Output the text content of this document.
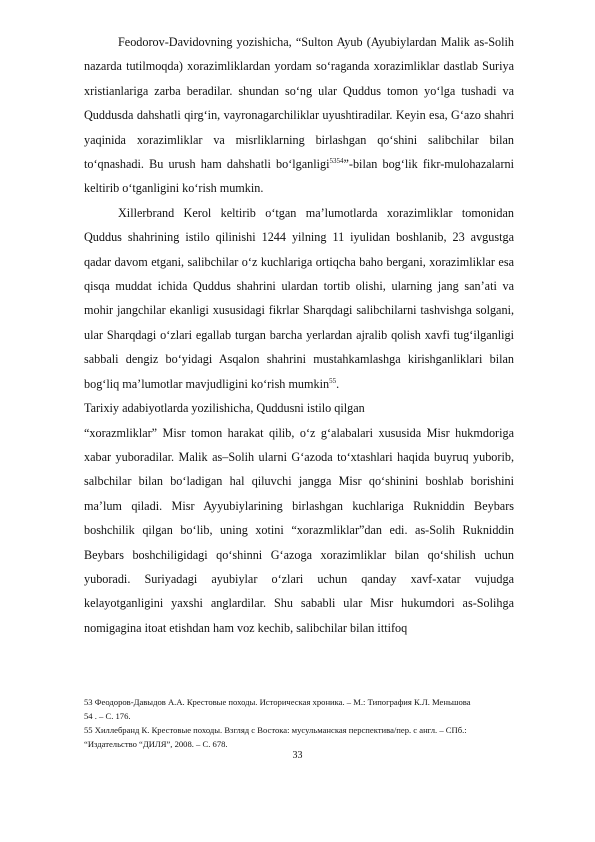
Feodorov-Davidovning yozishicha, “Sulton Ayub (Ayubiylardan Malik as-Solih nazarda tutilmoqda) xorazimliklardan yordam so‘raganda xorazimliklar dastlab Suriya xristianlariga zarba beradilar. shundan so‘ng ular Quddus tomon yo‘lga tushadi va Quddusda dahshatli qirg‘in, vayronagarchiliklar uyushtiradilar. Keyin esa, G‘azo shahri yaqinida xorazimliklar va misrliklarning birlashgan qo‘shini salibchilar bilan to‘qnashadi. Bu urush ham dahshatli bo‘lganligi$^{5354}$”-bilan bog‘lik fikr-mulohazalarni keltirib o‘tganligini ko‘rish mumkin.

Xillerbrand Kerol keltirib o‘tgan ma’lumotlarda xorazimliklar tomonidan Quddus shahrining istilo qilinishi 1244 yilning 11 iyulidan boshlanib, 23 avgustga qadar davom etgani, salibchilar o‘z kuchlariga ortiqcha baho bergani, xorazimliklar esa qisqa muddat ichida Quddus shahrini ulardan tortib olishi, ularning jang san’ati va mohir jangchilar ekanligi xususidagi fikrlar Sharqdagi salibchilarni tashvishga solgani, ular Sharqdagi o‘zlari egallab turgan barcha yerlardan ajralib qolish xavfi tug‘ilganligi sabbali dengiz bo‘yidagi Asqalon shahrini mustahkamlashga kirishganliklari bilan bog‘liq ma’lumotlar mavjudligini ko‘rish mumkin$^{55}$.

Tarixiy adabiyotlarda yozilishicha, Quddusni istilo qilgan

“xorazmliklar” Misr tomon harakat qilib, o‘z g‘alabalari xususida Misr hukmdoriga xabar yuboradilar. Malik as–Solih ularni G‘azoda to‘xtashlari haqida buyruq yuborib, salbchilar bilan bo‘ladigan hal qiluvchi jangga Misr qo‘shinini boshlab borishini ma’lum qiladi. Misr Ayyubiylarining birlashgan kuchlariga Rukniddin Beybars boshchilik qilgan bo‘lib, uning xotini “xorazmliklar”dan edi. as-Solih Rukniddin Beybars boshchiligidagi qo‘shinni G‘azoga xorazimliklar bilan qo‘shilish uchun yuboradi. Suriyadagi ayubiylar o‘zlari uchun qanday xavf-xatar vujudga kelayotganligini yaxshi anglardilar. Shu sababli ular Misr hukumdori as-Solihga nomigagina itoat etishdan ham voz kechib, salibchilar bilan ittifoq

53 Феодоров-Давыдов А.А. Крестовые походы. Историческая хроника. – М.: Типография К.Л. Меньшова

54 . – С. 176.

55 Хиллебранд К. Крестовые походы. Взгляд с Востока: мусульманская перспектива/пер. с англ. – СПб.:

“Издательство “ДИЛЯ”, 2008. – С. 678.

33
